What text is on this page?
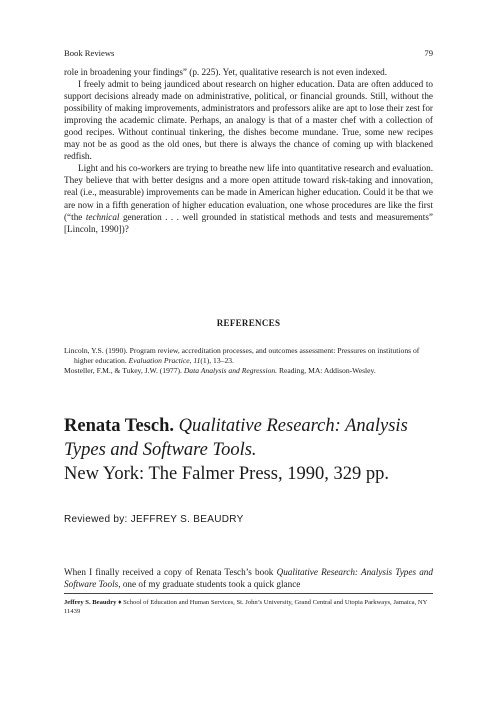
Book Reviews	79

role in broadening your findings” (p. 225). Yet, qualitative research is not even indexed.

I freely admit to being jaundiced about research on higher education. Data are often adduced to support decisions already made on administrative, political, or financial grounds. Still, without the possibility of making improvements, administrators and professors alike are apt to lose their zest for improving the academic climate. Perhaps, an analogy is that of a master chef with a collection of good recipes. Without continual tinkering, the dishes become mundane. True, some new recipes may not be as good as the old ones, but there is always the chance of coming up with blackened redfish.

Light and his co-workers are trying to breathe new life into quantitative research and evaluation. They believe that with better designs and a more open attitude toward risk-taking and innovation, real (i.e., measurable) improvements can be made in American higher education. Could it be that we are now in a fifth generation of higher education evaluation, one whose procedures are like the first (“the technical generation . . . well grounded in statistical methods and tests and measurements” [Lincoln, 1990])?

REFERENCES

Lincoln, Y.S. (1990). Program review, accreditation processes, and outcomes assessment: Pressures on institutions of higher education. Evaluation Practice, 11(1), 13–23.

Mosteller, F.M., & Tukey, J.W. (1977). Data Analysis and Regression. Reading, MA: Addison-Wesley.

Renata Tesch. Qualitative Research: Analysis
Types and Software Tools.
New York: The Falmer Press, 1990, 329 pp.
Reviewed by: JEFFREY S. BEAUDRY

When I finally received a copy of Renata Tesch’s book Qualitative Research: Analysis Types and Software Tools, one of my graduate students took a quick glance

Jeffrey S. Beaudry ♦ School of Education and Human Services, St. John’s University, Grand Central and Utopia Parkways, Jamaica, NY 11439
